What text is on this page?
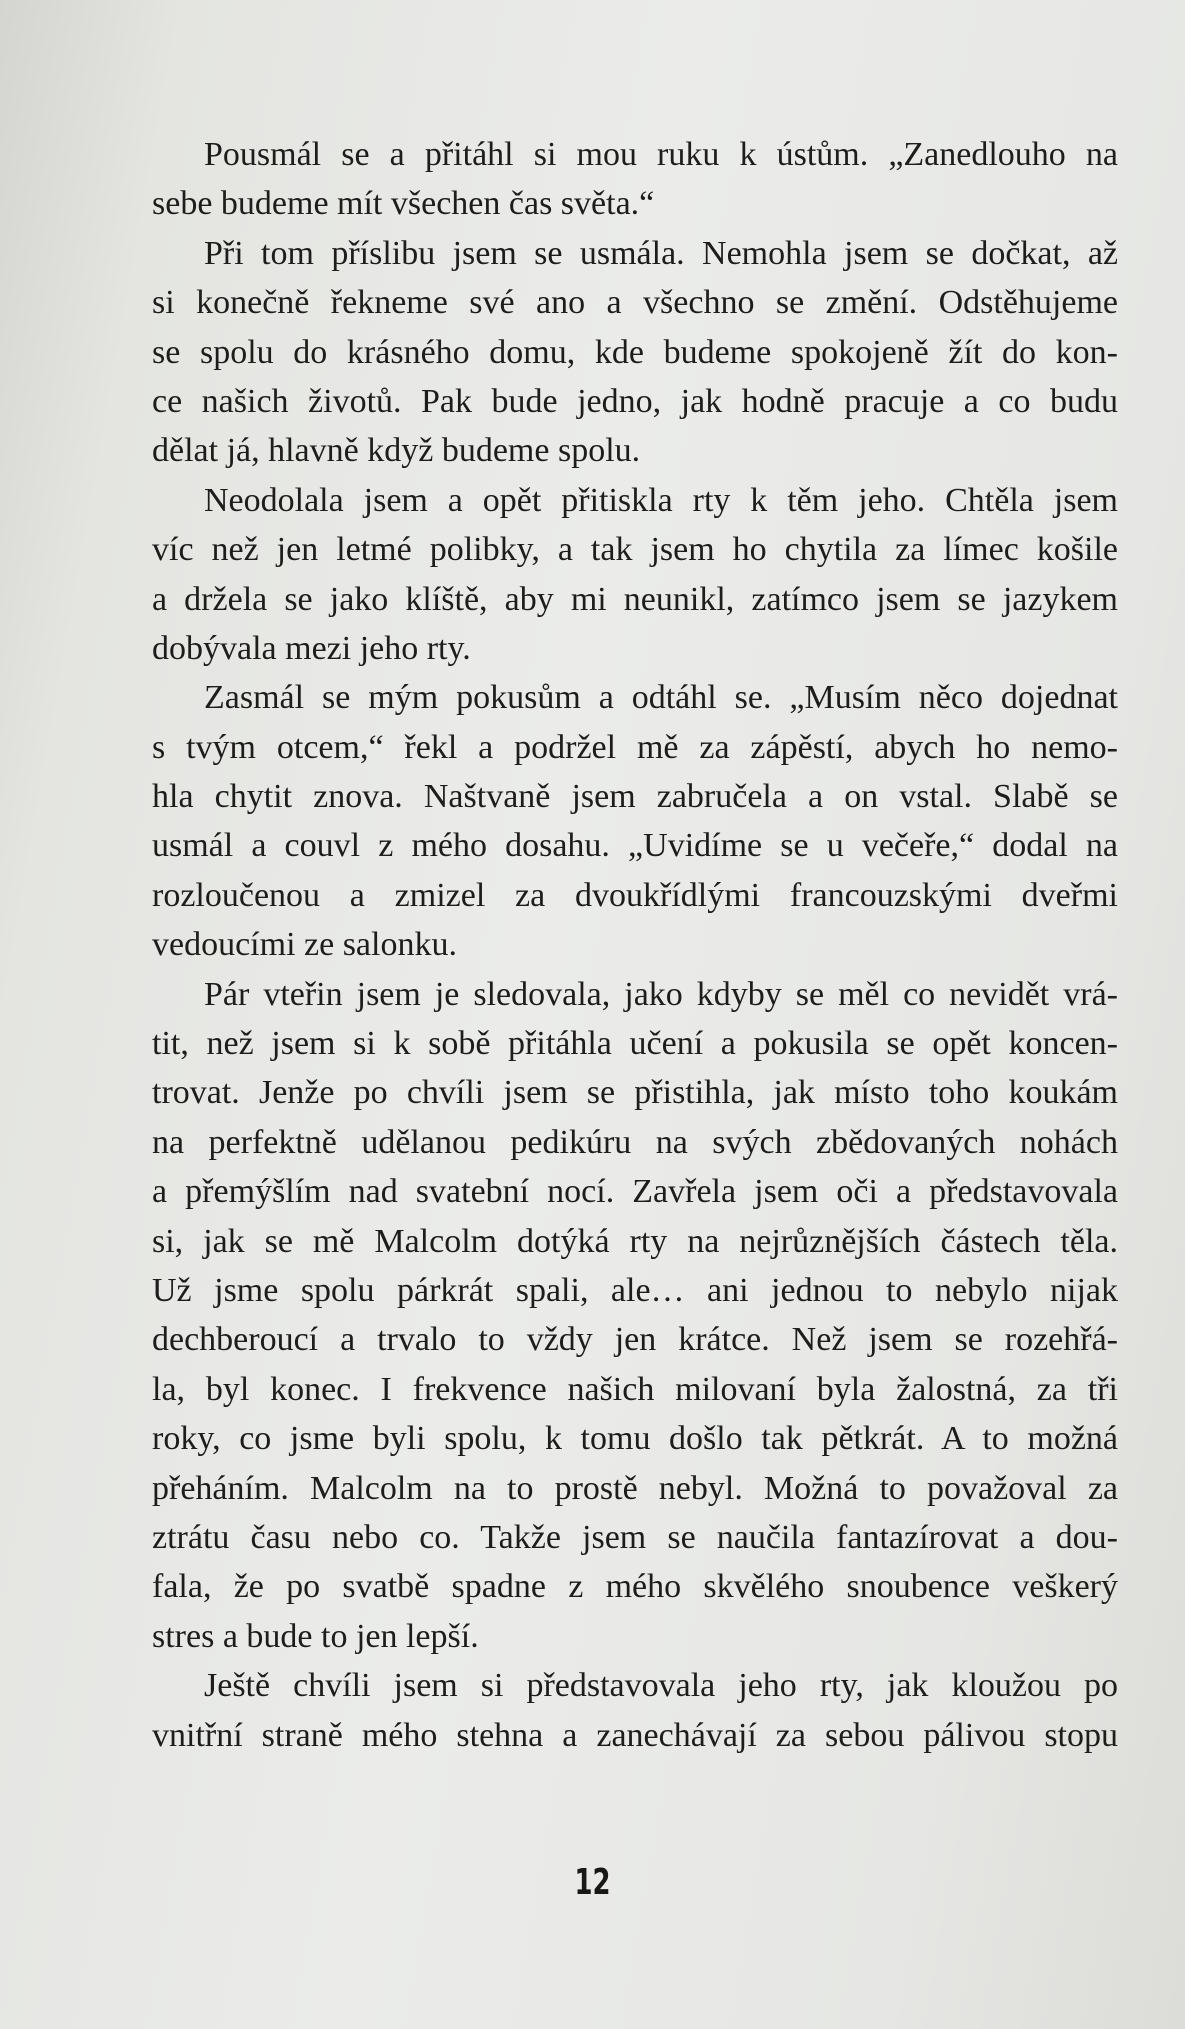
Pousmál se a přitáhl si mou ruku k ústům. „Zanedlouho na
sebe budeme mít všechen čas světa.“

Při tom příslibu jsem se usmála. Nemohla jsem se dočkat, až
si konečně řekneme své ano a všechno se změní. Odstěhujeme
se spolu do krásného domu, kde budeme spokojeně žít do kon-
ce našich životů. Pak bude jedno, jak hodně pracuje a co budu
dělat já, hlavně když budeme spolu.

Neodolala jsem a opět přitiskla rty k těm jeho. Chtěla jsem
víc než jen letmé polibky, a tak jsem ho chytila za límec košile
a držela se jako klíště, aby mi neunikl, zatímco jsem se jazykem
dobývala mezi jeho rty.

Zasmál se mým pokusům a odtáhl se. „Musím něco dojednat
s tvým otcem,“ řekl a podržel mě za zápěstí, abych ho nemo-
hla chytit znova. Naštvaně jsem zabručela a on vstal. Slabě se
usmál a couvl z mého dosahu. „Uvidíme se u večeře,“ dodal na
rozloučenou a zmizel za dvoukřídlými francouzskými dveřmi
vedoucími ze salonku.

Pár vteřin jsem je sledovala, jako kdyby se měl co nevidět vrá-
tit, než jsem si k sobě přitáhla učení a pokusila se opět koncen-
trovat. Jenže po chvíli jsem se přistihla, jak místo toho koukám
na perfektně udělanou pedikúru na svých zbědovaných nohách
a přemýšlím nad svatební nocí. Zavřela jsem oči a představovala
si, jak se mě Malcolm dotýká rty na nejrůznějších částech těla.
Už jsme spolu párkrát spali, ale… ani jednou to nebylo nijak
dechberoucí a trvalo to vždy jen krátce. Než jsem se rozehřá-
la, byl konec. I frekvence našich milovaní byla žalostná, za tři
roky, co jsme byli spolu, k tomu došlo tak pětkrát. A to možná
přeháním. Malcolm na to prostě nebyl. Možná to považoval za
ztrátu času nebo co. Takže jsem se naučila fantazírovat a dou-
fala, že po svatbě spadne z mého skvělého snoubence veškerý
stres a bude to jen lepší.

Ještě chvíli jsem si představovala jeho rty, jak kloužou po
vnitřní straně mého stehna a zanechávají za sebou pálivou stopu

12
